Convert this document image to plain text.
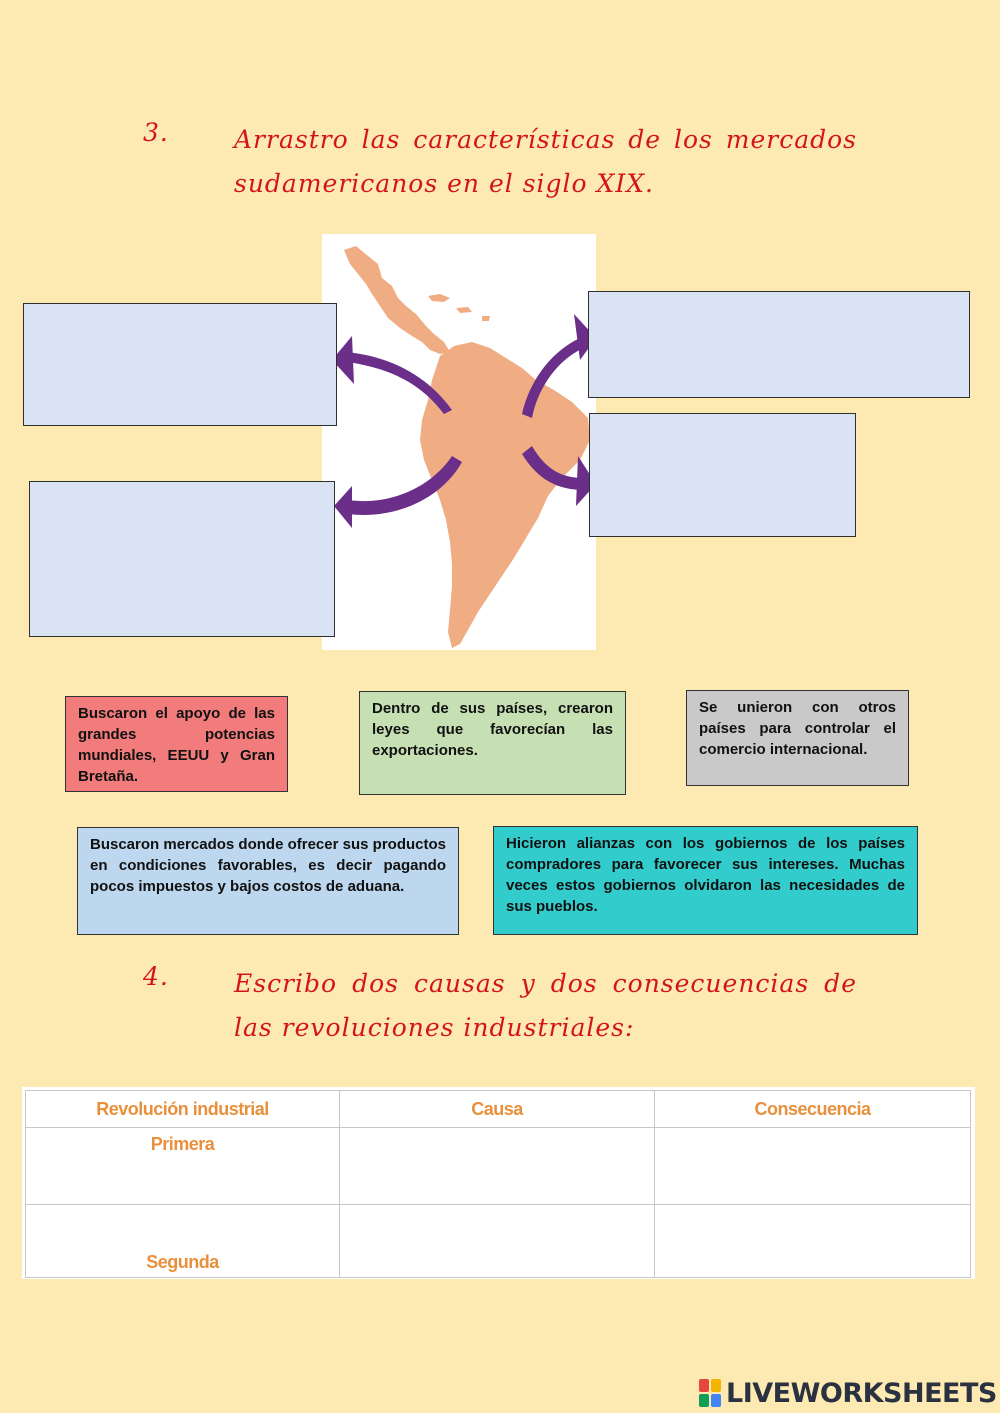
3.	Arrastro las características de los mercados sudamericanos en el siglo XIX.

Buscaron el apoyo de las grandes potencias mundiales, EEUU y Gran Bretaña.
Dentro de sus países, crearon leyes que favorecían las exportaciones.
Se unieron con otros países para controlar el comercio internacional.
Buscaron mercados donde ofrecer sus productos en condiciones favorables, es decir pagando pocos impuestos y bajos costos de aduana.
Hicieron alianzas con los gobiernos de los países compradores para favorecer sus intereses. Muchas veces estos gobiernos olvidaron las necesidades de sus pueblos.
4.	Escribo dos causas y dos consecuencias de las revoluciones industriales:

Revolución industrial	Causa	Consecuencia
Primera		
Segunda		
LIVEWORKSHEETS
